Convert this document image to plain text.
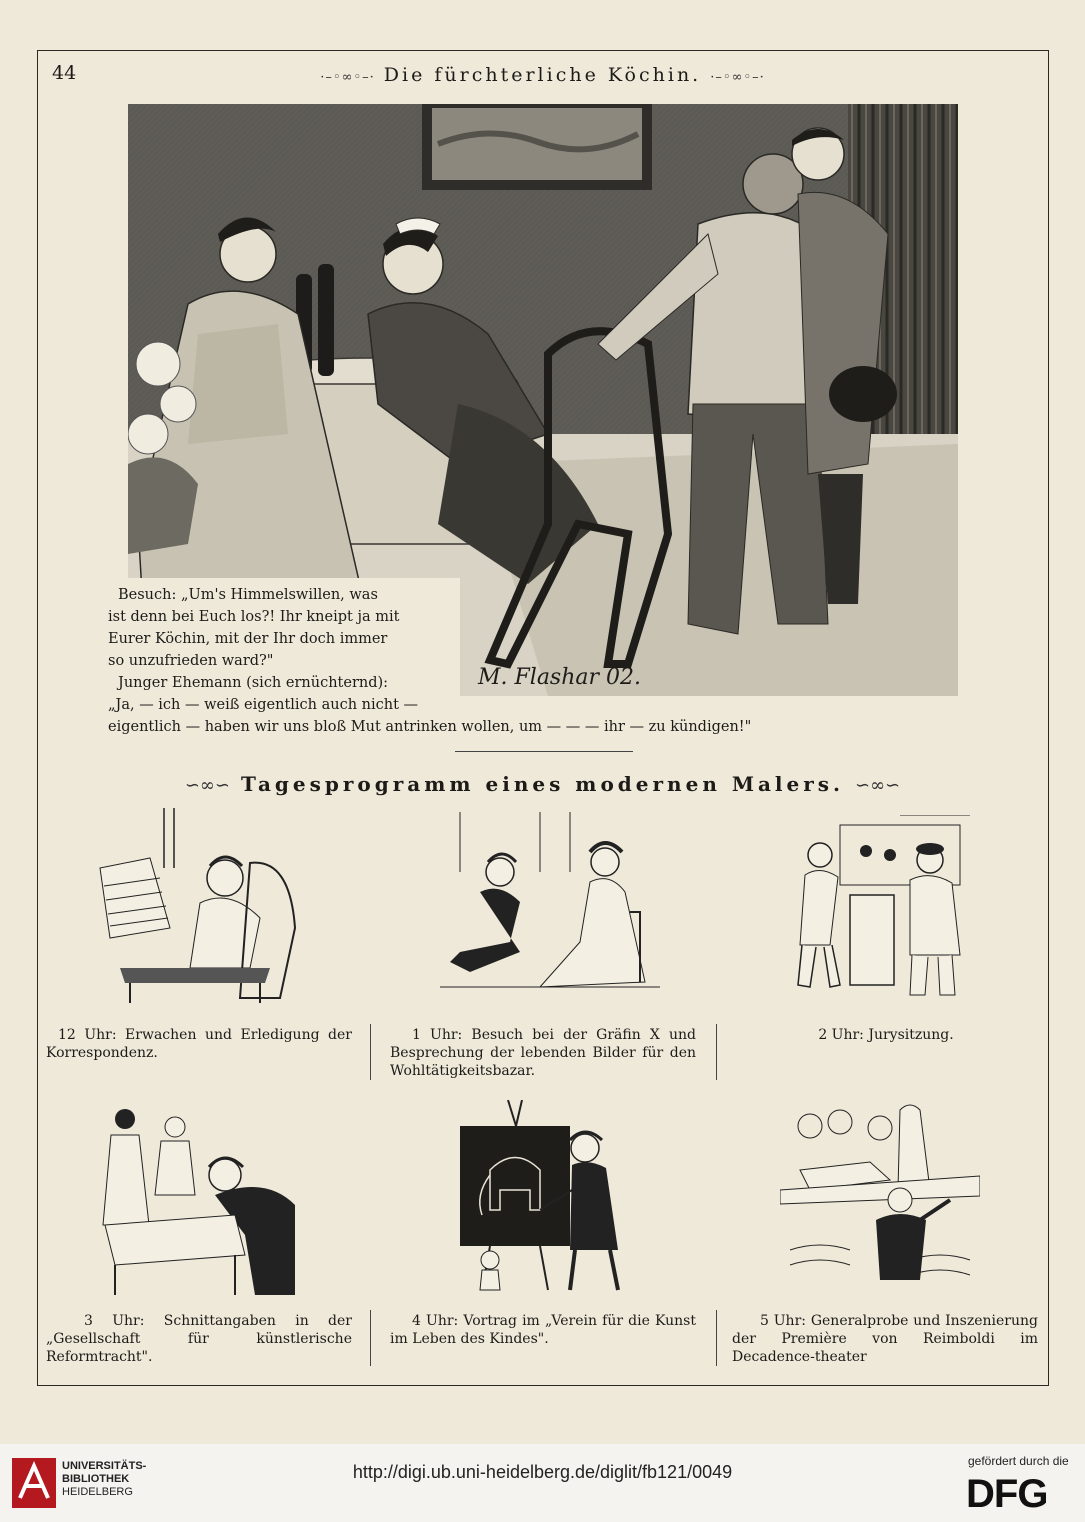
44	·–◦∞◦–· Die fürchterliche Köchin. ·–◦∞◦–·
M. Flashar 02.
Besuch: „Um's Himmelswillen, was
ist denn bei Euch los?! Ihr kneipt ja mit
Eurer Köchin, mit der Ihr doch immer
so unzufrieden ward?"
Junger Ehemann (sich ernüchternd):
„Ja, — ich — weiß eigentlich auch nicht —
eigentlich — haben wir uns bloß Mut antrinken wollen, um — — — ihr — zu kündigen!"
∽∞∽ Tagesprogramm eines modernen Malers. ∽∞∽
12 Uhr: Erwachen und Erledigung der Korrespondenz.
1 Uhr: Besuch bei der Gräfin X und Besprechung der lebenden Bilder für den Wohltätigkeitsbazar.
2 Uhr: Jurysitzung.
3 Uhr: Schnittangaben in der „Gesellschaft für künstlerische Reformtracht".
4 Uhr: Vortrag im „Verein für die Kunst im Leben des Kindes".
5 Uhr: Generalprobe und Inszenierung der Première von Reimboldi im Decadence-theater
UNIVERSITÄTS-
BIBLIOTHEK
HEIDELBERG
http://digi.ub.uni-heidelberg.de/diglit/fb121/0049
gefördert durch die
DFG
